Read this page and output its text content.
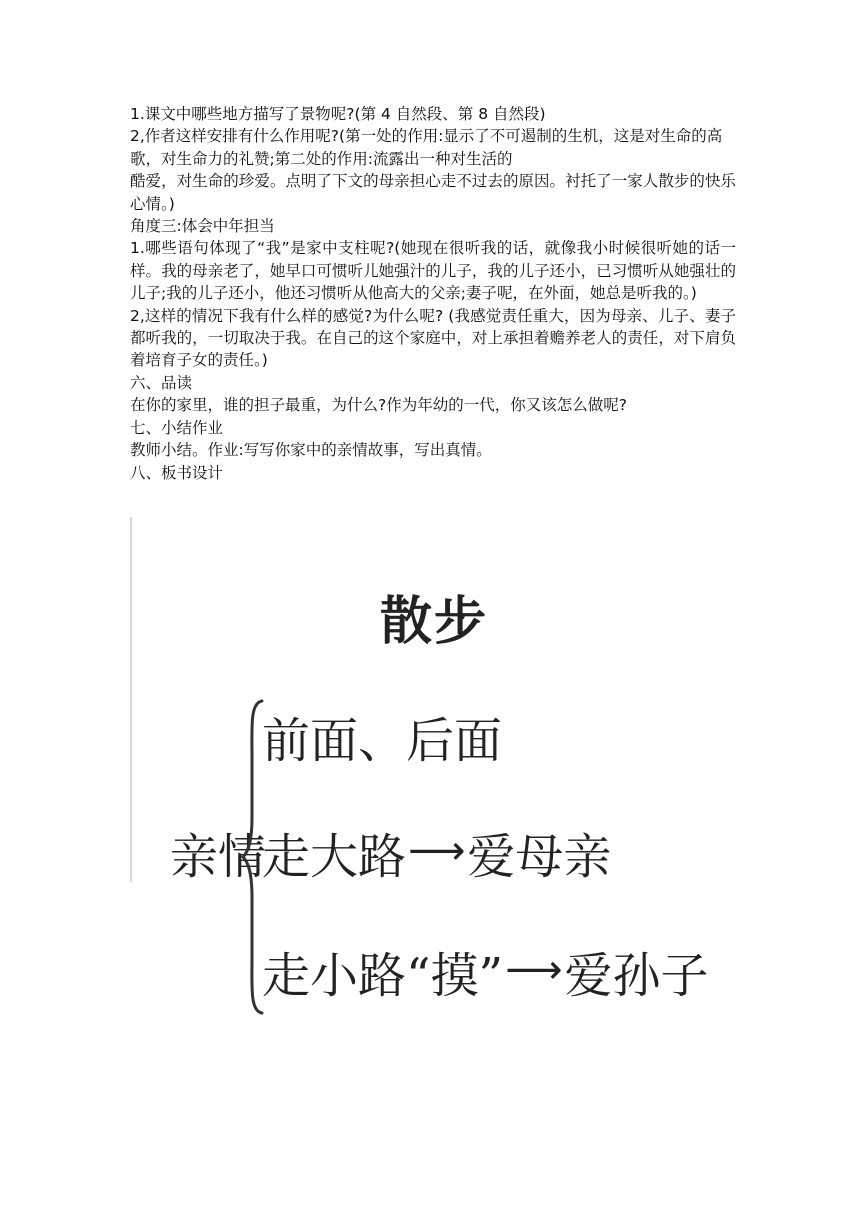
1.课文中哪些地方描写了景物呢?(第 4 自然段、第 8 自然段)

2,作者这样安排有什么作用呢?(第一处的作用:显示了不可遏制的生机，这是对生命的高歌，对生命力的礼赞;第二处的作用:流露出一种对生活的

酷爱，对生命的珍爱。点明了下文的母亲担心走不过去的原因。衬托了一家人散步的快乐心情。)

角度三:体会中年担当

1.哪些语句体现了“我”是家中支柱呢?(她现在很听我的话，就像我小时候很听她的话一样。我的母亲老了，她早口可惯听儿她强汁的儿子，我的儿子还小，已习惯听从她强壮的儿子;我的儿子还小，他还习惯听从他高大的父亲;妻子呢，在外面，她总是听我的。)

2,这样的情况下我有什么样的感觉?为什么呢? (我感觉责任重大，因为母亲、儿子、妻子都听我的，一切取决于我。在自己的这个家庭中，对上承担着赡养老人的责任，对下肩负着培育子女的责任。)

六、品读

在你的家里，谁的担子最重，为什么?作为年幼的一代，你又该怎么做呢?

七、小结作业

教师小结。作业:写写你家中的亲情故事，写出真情。

八、板书设计

散步
亲情
前面、后面
走大路 ⟶ 爱母亲
走小路“摸” ⟶ 爱孙子
